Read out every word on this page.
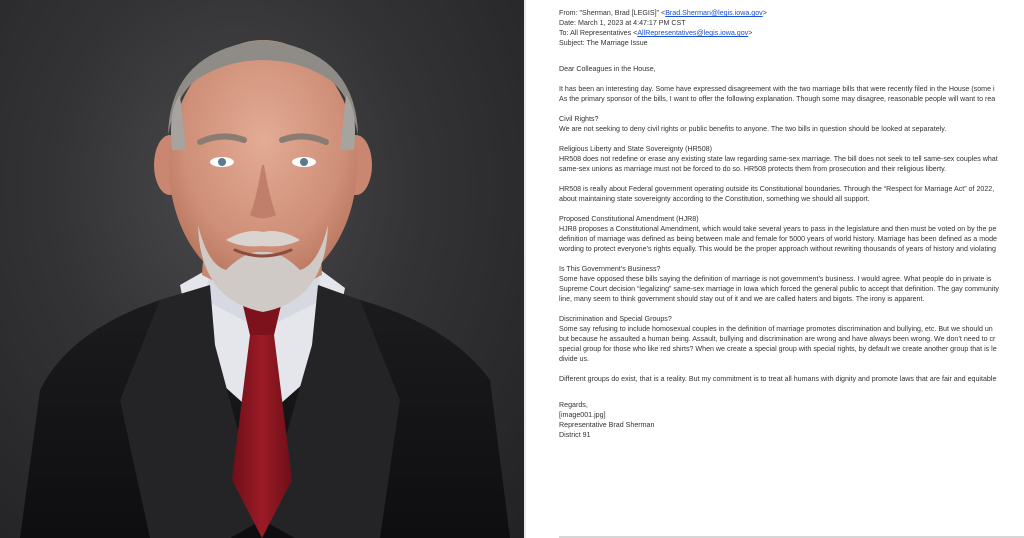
From: "Sherman, Brad [LEGIS]" <Brad.Sherman@legis.iowa.gov>
Date: March 1, 2023 at 4:47:17 PM CST
To: All Representatives <AllRepresentatives@legis.iowa.gov>
Subject: The Marriage Issue

Dear Colleagues in the House,

It has been an interesting day. Some have expressed disagreement with the two marriage bills that were recently filed in the House (some i

As the primary sponsor of the bills, I want to offer the following explanation. Though some may disagree, reasonable people will want to rea

Civil Rights?

We are not seeking to deny civil rights or public benefits to anyone. The two bills in question should be looked at separately.

Religious Liberty and State Sovereignty (HR508)

HR508 does not redefine or erase any existing state law regarding same-sex marriage. The bill does not seek to tell same-sex couples what

same-sex unions as marriage must not be forced to do so. HR508 protects them from prosecution and their religious liberty.

HR508 is really about Federal government operating outside its Constitutional boundaries. Through the “Respect for Marriage Act” of 2022,

about maintaining state sovereignty according to the Constitution, something we should all support.

Proposed Constitutional Amendment (HJR8)

HJR8 proposes a Constitutional Amendment, which would take several years to pass in the legislature and then must be voted on by the pe

definition of marriage was defined as being between male and female for 5000 years of world history. Marriage has been defined as a mode

wording to protect everyone’s rights equally. This would be the proper approach without rewriting thousands of years of history and violating

Is This Government’s Business?

Some have opposed these bills saying the definition of marriage is not government’s business. I would agree. What people do in private is

Supreme Court decision “legalizing” same-sex marriage in Iowa which forced the general public to accept that definition. The gay community

line, many seem to think government should stay out of it and we are called haters and bigots. The irony is apparent.

Discrimination and Special Groups?

Some say refusing to include homosexual couples in the definition of marriage promotes discrimination and bullying, etc. But we should un

but because he assaulted a human being. Assault, bullying and discrimination are wrong and have always been wrong. We don’t need to cr

special group for those who like red shirts? When we create a special group with special rights, by default we create another group that is le

divide us.

Different groups do exist, that is a reality. But my commitment is to treat all humans with dignity and promote laws that are fair and equitable

Regards,

[image001.jpg]

Representative Brad Sherman

District 91
